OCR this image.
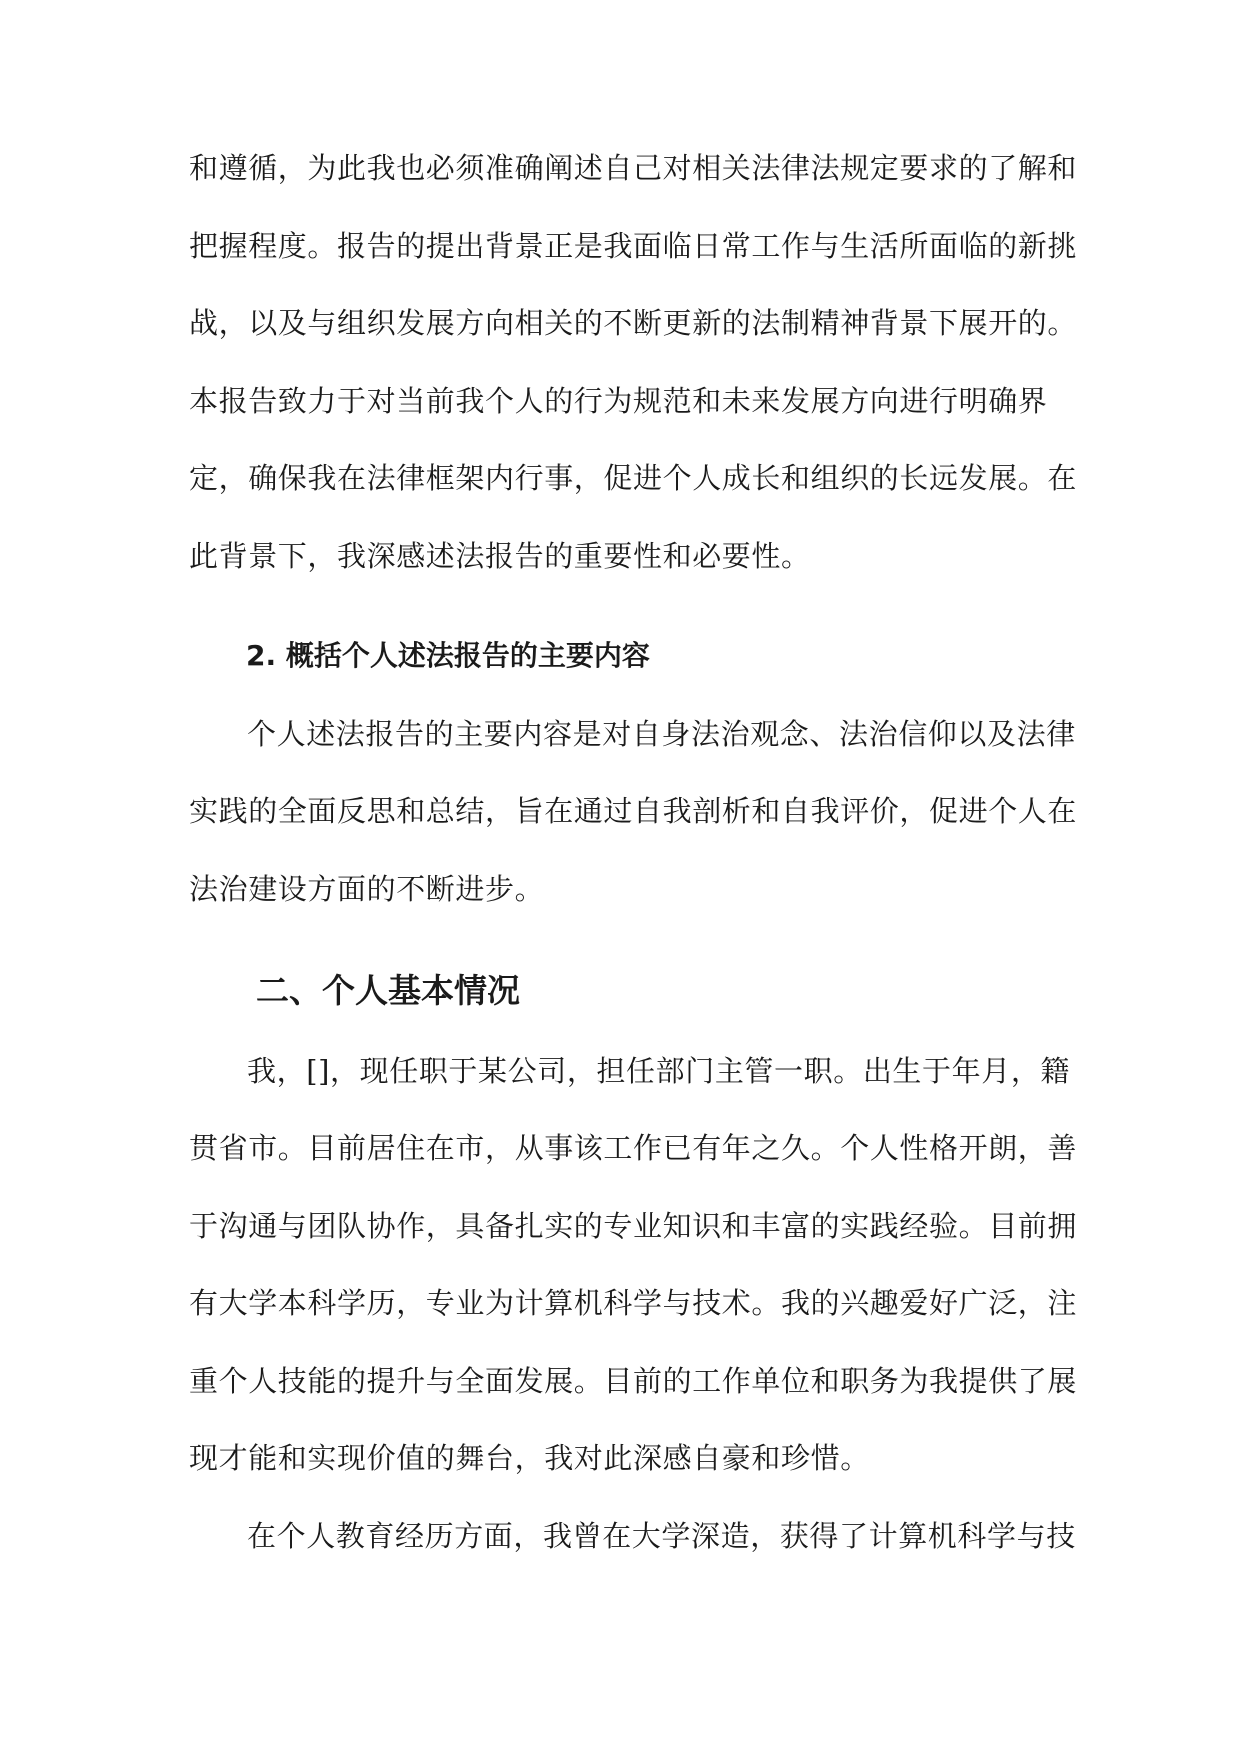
和遵循，为此我也必须准确阐述自己对相关法律法规定要求的了解和
把握程度。报告的提出背景正是我面临日常工作与生活所面临的新挑
战，以及与组织发展方向相关的不断更新的法制精神背景下展开的。
本报告致力于对当前我个人的行为规范和未来发展方向进行明确界
定，确保我在法律框架内行事，促进个人成长和组织的长远发展。在
此背景下，我深感述法报告的重要性和必要性。
2. 概括个人述法报告的主要内容
个人述法报告的主要内容是对自身法治观念、法治信仰以及法律
实践的全面反思和总结，旨在通过自我剖析和自我评价，促进个人在
法治建设方面的不断进步。
二、个人基本情况
我，[]，现任职于某公司，担任部门主管一职。出生于年月，籍
贯省市。目前居住在市，从事该工作已有年之久。个人性格开朗，善
于沟通与团队协作，具备扎实的专业知识和丰富的实践经验。目前拥
有大学本科学历，专业为计算机科学与技术。我的兴趣爱好广泛，注
重个人技能的提升与全面发展。目前的工作单位和职务为我提供了展
现才能和实现价值的舞台，我对此深感自豪和珍惜。
在个人教育经历方面，我曾在大学深造，获得了计算机科学与技
